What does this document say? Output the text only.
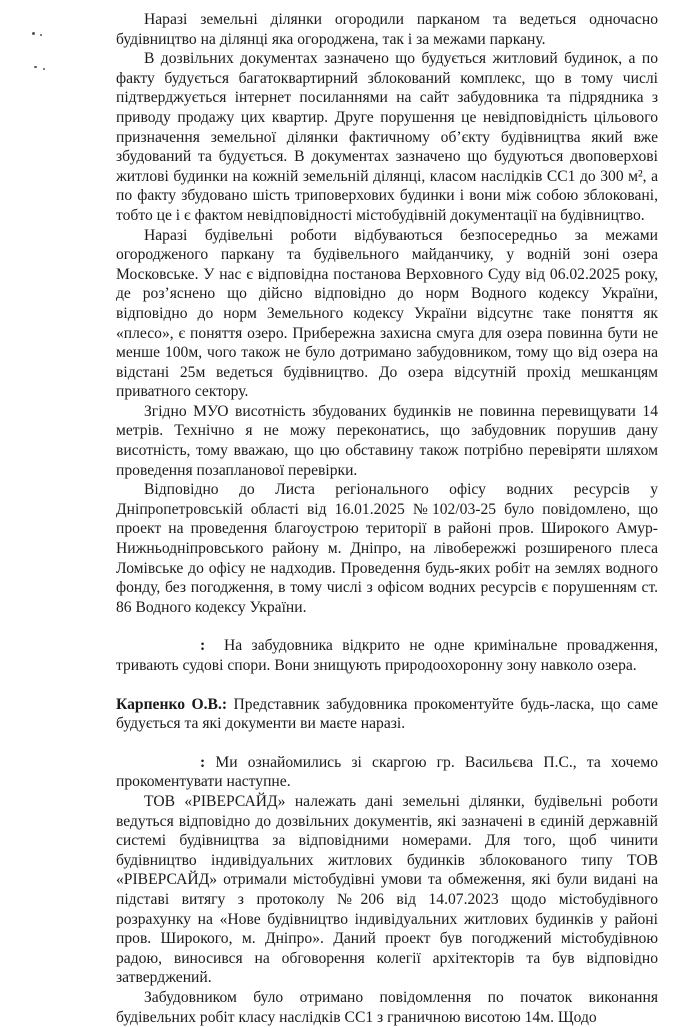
Наразі земельні ділянки огородили парканом та ведеться одночасно будівництво на ділянці яка огороджена, так і за межами паркану.

В дозвільних документах зазначено що будується житловий будинок, а по факту будується багатоквартирний зблокований комплекс, що в тому числі підтверджується інтернет посиланнями на сайт забудовника та підрядника з приводу продажу цих квартир. Друге порушення це невідповідність цільового призначення земельної ділянки фактичному об’єкту будівництва який вже збудований та будується. В документах зазначено що будуються двоповерхові житлові будинки на кожній земельній ділянці, класом наслідків СС1 до 300 м², а по факту збудовано шість триповерхових будинки і вони між собою зблоковані, тобто це і є фактом невідповідності містобудівній документації на будівництво.

Наразі будівельні роботи відбуваються безпосередньо за межами огородженого паркану та будівельного майданчику, у водній зоні озера Московське. У нас є відповідна постанова Верховного Суду від 06.02.2025 року, де роз’яснено що дійсно відповідно до норм Водного кодексу України, відповідно до норм Земельного кодексу України відсутнє таке поняття як «плесо», є поняття озеро. Прибережна захисна смуга для озера повинна бути не менше 100м, чого також не було дотримано забудовником, тому що від озера на відстані 25м ведеться будівництво. До озера відсутній прохід мешканцям приватного сектору.

Згідно МУО висотність збудованих будинків не повинна перевищувати 14 метрів. Технічно я не можу переконатись, що забудовник порушив дану висотність, тому вважаю, що цю обставину також потрібно перевіряти шляхом проведення позапланової перевірки.

Відповідно до Листа регіонального офісу водних ресурсів у Дніпропетровській області від 16.01.2025 №102/03-25 було повідомлено, що проект на проведення благоустрою території в районі пров. Широкого Амур-Нижньодніпровського району м. Дніпро, на лівобережжі розширеного плеса Ломівське до офісу не надходив. Проведення будь-яких робіт на землях водного фонду, без погодження, в тому числі з офісом водних ресурсів є порушенням ст. 86 Водного кодексу України.

: На забудовника відкрито не одне кримінальне провадження, тривають судові спори. Вони знищують природоохоронну зону навколо озера.

Карпенко О.В.: Представник забудовника прокоментуйте будь-ласка, що саме будується та які документи ви маєте наразі.

: Ми ознайомились зі скаргою гр. Васильєва П.С., та хочемо прокоментувати наступне.

ТОВ «РІВЕРСАЙД» належать дані земельні ділянки, будівельні роботи ведуться відповідно до дозвільних документів, які зазначені в єдиній державній системі будівництва за відповідними номерами. Для того, щоб чинити будівництво індивідуальних житлових будинків зблокованого типу ТОВ «РІВЕРСАЙД» отримали містобудівні умови та обмеження, які були видані на підставі витягу з протоколу №206 від 14.07.2023 щодо містобудівного розрахунку на «Нове будівництво індивідуальних житлових будинків у районі пров. Широкого, м. Дніпро». Даний проект був погоджений містобудівною радою, виносився на обговорення колегії архітекторів та був відповідно затверджений.

Забудовником було отримано повідомлення по початок виконання будівельних робіт класу наслідків СС1 з граничною висотою 14м. Щодо
